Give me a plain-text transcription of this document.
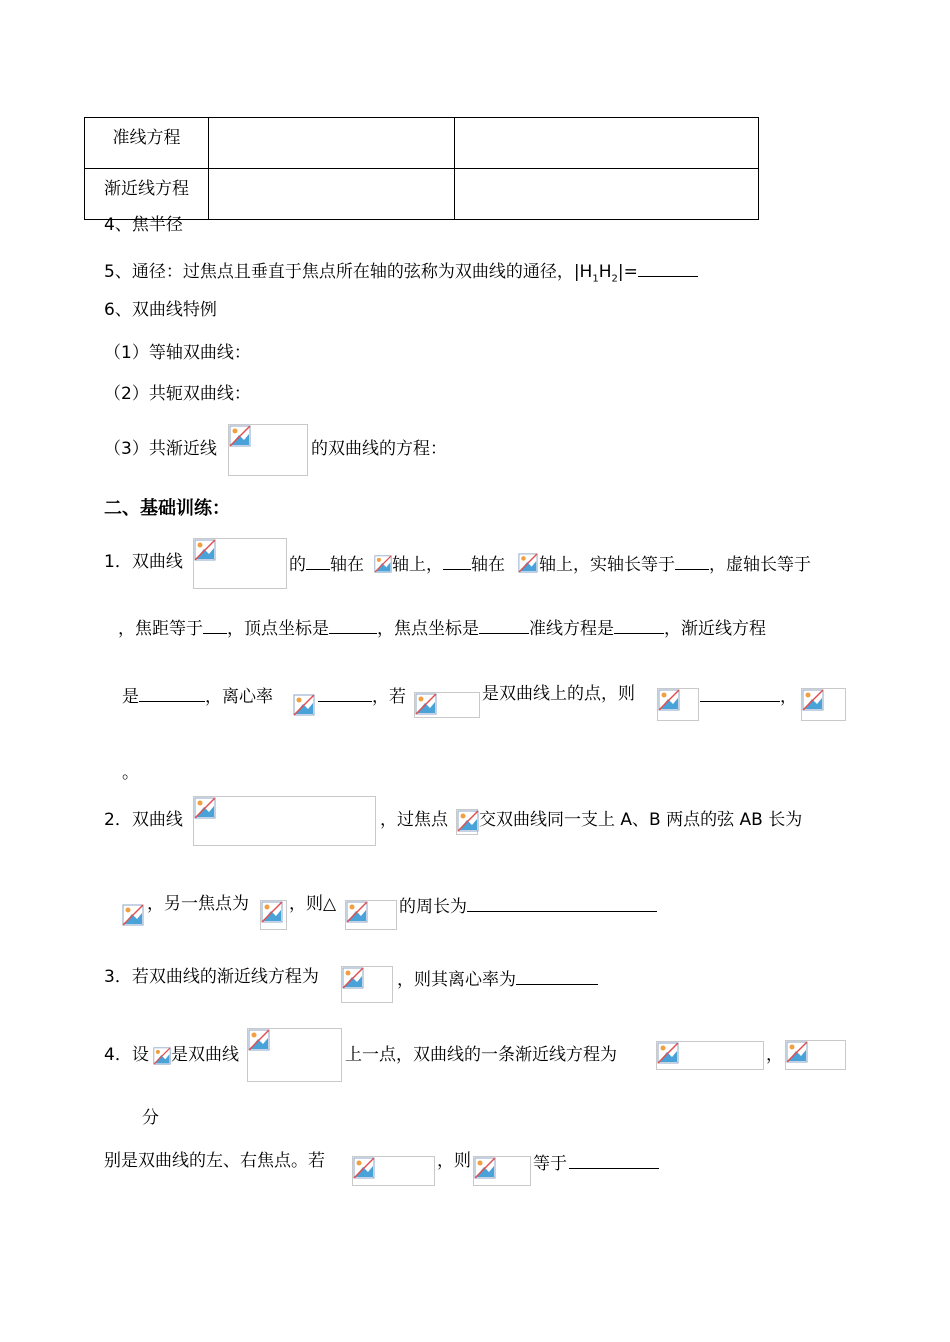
准线方程		
渐近线方程		
4、焦半径
5、通径：过焦点且垂直于焦点所在轴的弦称为双曲线的通径，$|H_1H_2|=$
6、双曲线特例
（1）等轴双曲线：
（2）共轭双曲线：
（3）共渐近线	的双曲线的方程：
二、基础训练：
1．双曲线	的 轴在 轴上， 轴在 轴上，实轴长等于 ，虚轴长等于
，焦距等于 ，顶点坐标是	，焦点坐标是	准线方程是	，渐近线方程
是	，离心率	，若	是双曲线上的点，则	，
。
2．双曲线	，过焦点 交双曲线同一支上 A、B 两点的弦 AB 长为
，另一焦点为 ，则△	的周长为
3．若双曲线的渐近线方程为	，则其离心率为
4．设 是双曲线	上一点，双曲线的一条渐近线方程为	，
分
别是双曲线的左、右焦点。若	，则	等于
